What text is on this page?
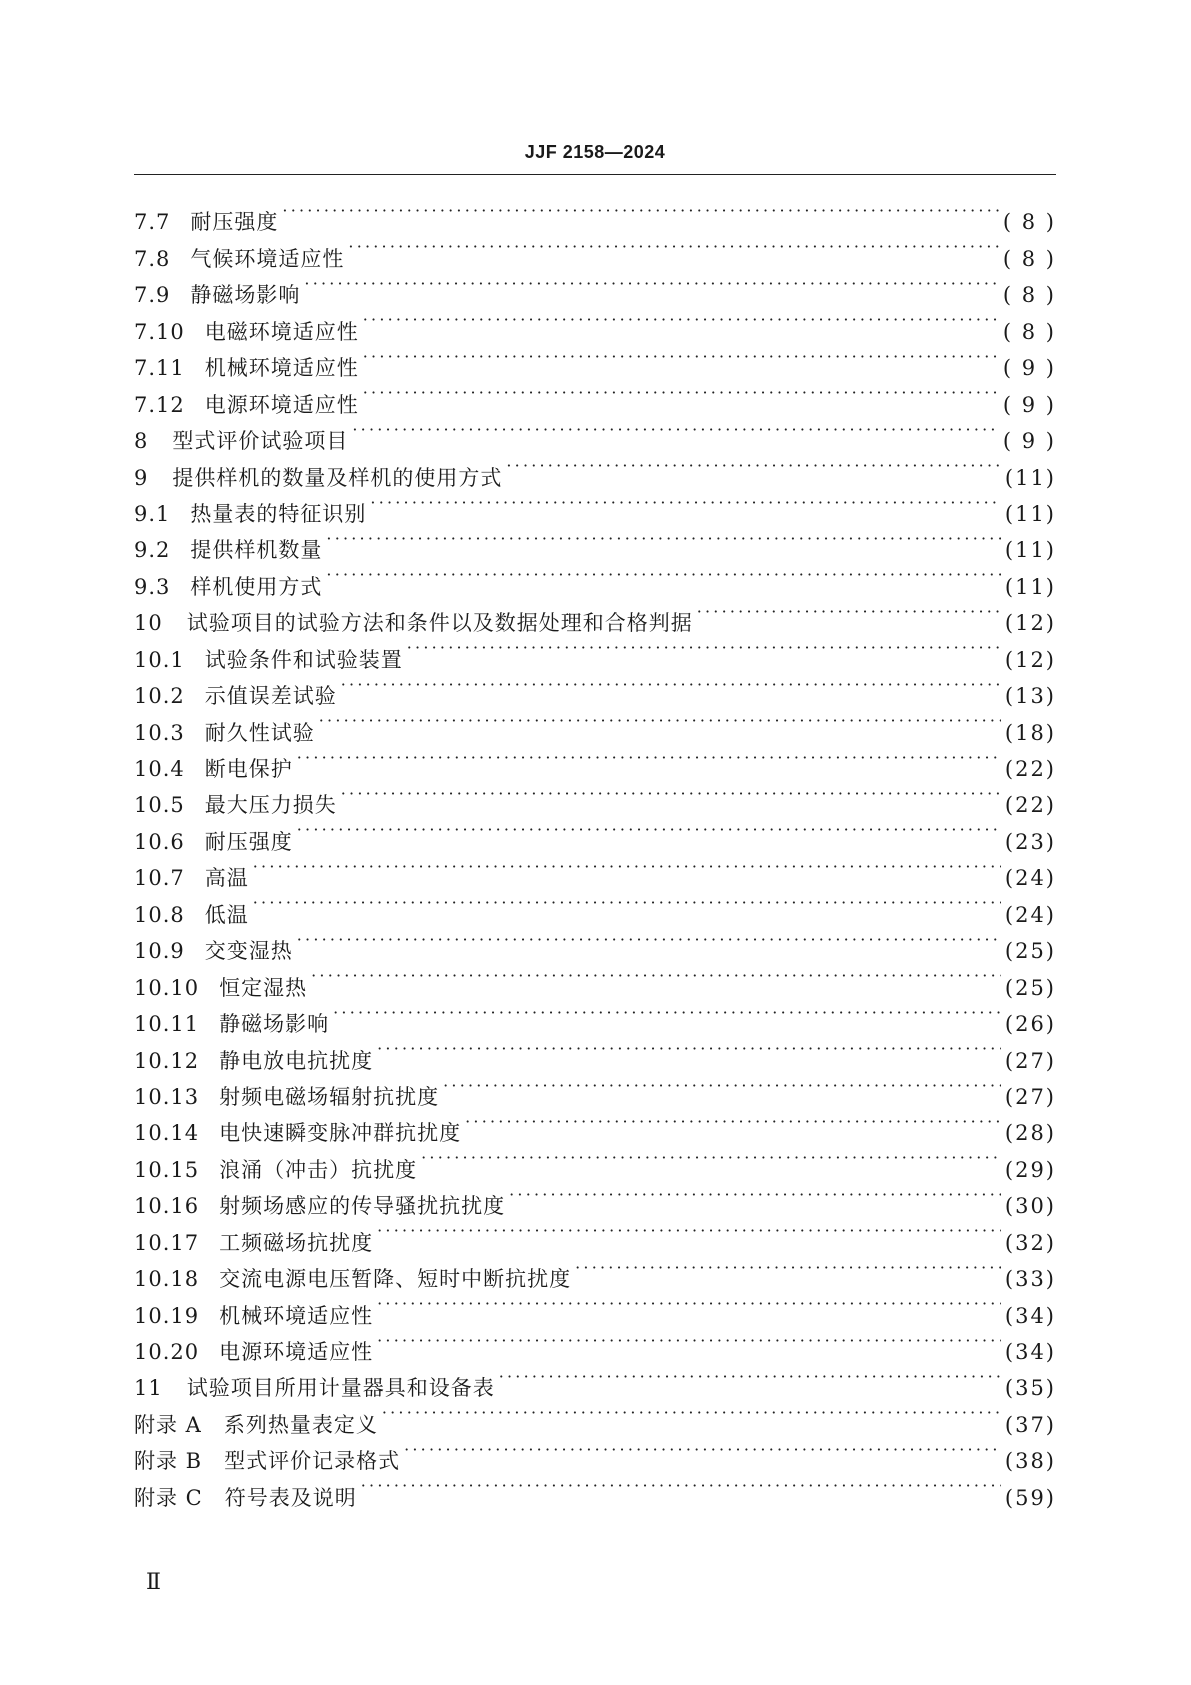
JJF 2158—2024
7.7 耐压强度 ·····	( 8 )
7.8 气候环境适应性 ·····	( 8 )
7.9 静磁场影响 ·····	( 8 )
7.10 电磁环境适应性 ·····	( 8 )
7.11 机械环境适应性 ·····	( 9 )
7.12 电源环境适应性 ·····	( 9 )
8 型式评价试验项目 ·····	( 9 )
9 提供样机的数量及样机的使用方式 ·····	(11)
9.1 热量表的特征识别 ·····	(11)
9.2 提供样机数量 ·····	(11)
9.3 样机使用方式 ·····	(11)
10 试验项目的试验方法和条件以及数据处理和合格判据 ·····	(12)
10.1 试验条件和试验装置 ·····	(12)
10.2 示值误差试验 ·····	(13)
10.3 耐久性试验 ·····	(18)
10.4 断电保护 ·····	(22)
10.5 最大压力损失 ·····	(22)
10.6 耐压强度 ·····	(23)
10.7 高温 ·····	(24)
10.8 低温 ·····	(24)
10.9 交变湿热 ·····	(25)
10.10 恒定湿热 ·····	(25)
10.11 静磁场影响 ·····	(26)
10.12 静电放电抗扰度 ·····	(27)
10.13 射频电磁场辐射抗扰度 ·····	(27)
10.14 电快速瞬变脉冲群抗扰度 ·····	(28)
10.15 浪涌（冲击）抗扰度 ·····	(29)
10.16 射频场感应的传导骚扰抗扰度 ·····	(30)
10.17 工频磁场抗扰度 ·····	(32)
10.18 交流电源电压暂降、短时中断抗扰度 ·····	(33)
10.19 机械环境适应性 ·····	(34)
10.20 电源环境适应性 ·····	(34)
11 试验项目所用计量器具和设备表 ·····	(35)
附录 A 系列热量表定义 ·····	(37)
附录 B 型式评价记录格式 ·····	(38)
附录 C 符号表及说明 ·····	(59)
Ⅱ
